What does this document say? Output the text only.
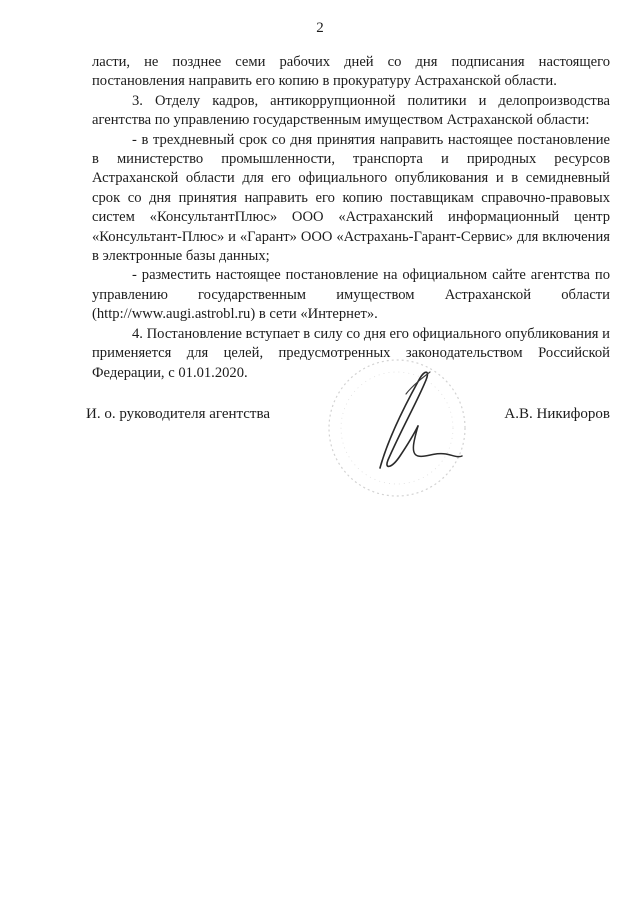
2

ласти, не позднее семи рабочих дней со дня подписания настоящего постановления направить его копию в прокуратуру Астраханской области.

3. Отделу кадров, антикоррупционной политики и делопроизводства агентства по управлению государственным имуществом Астраханской области:

- в трехдневный срок со дня принятия направить настоящее постановление в министерство промышленности, транспорта и природных ресурсов Астраханской области для его официального опубликования и в семидневный срок со дня принятия направить его копию поставщикам справочно-правовых систем «КонсультантПлюс» ООО «Астраханский информационный центр «Консультант-Плюс» и «Гарант» ООО «Астрахань-Гарант-Сервис» для включения в электронные базы данных;

- разместить настоящее постановление на официальном сайте агентства по управлению государственным имуществом Астраханской области (http://www.augi.astrobl.ru) в сети «Интернет».

4. Постановление вступает в силу со дня его официального опубликования и применяется для целей, предусмотренных законодательством Российской Федерации, с 01.01.2020.

И. о. руководителя агентства	А.В. Никифоров
